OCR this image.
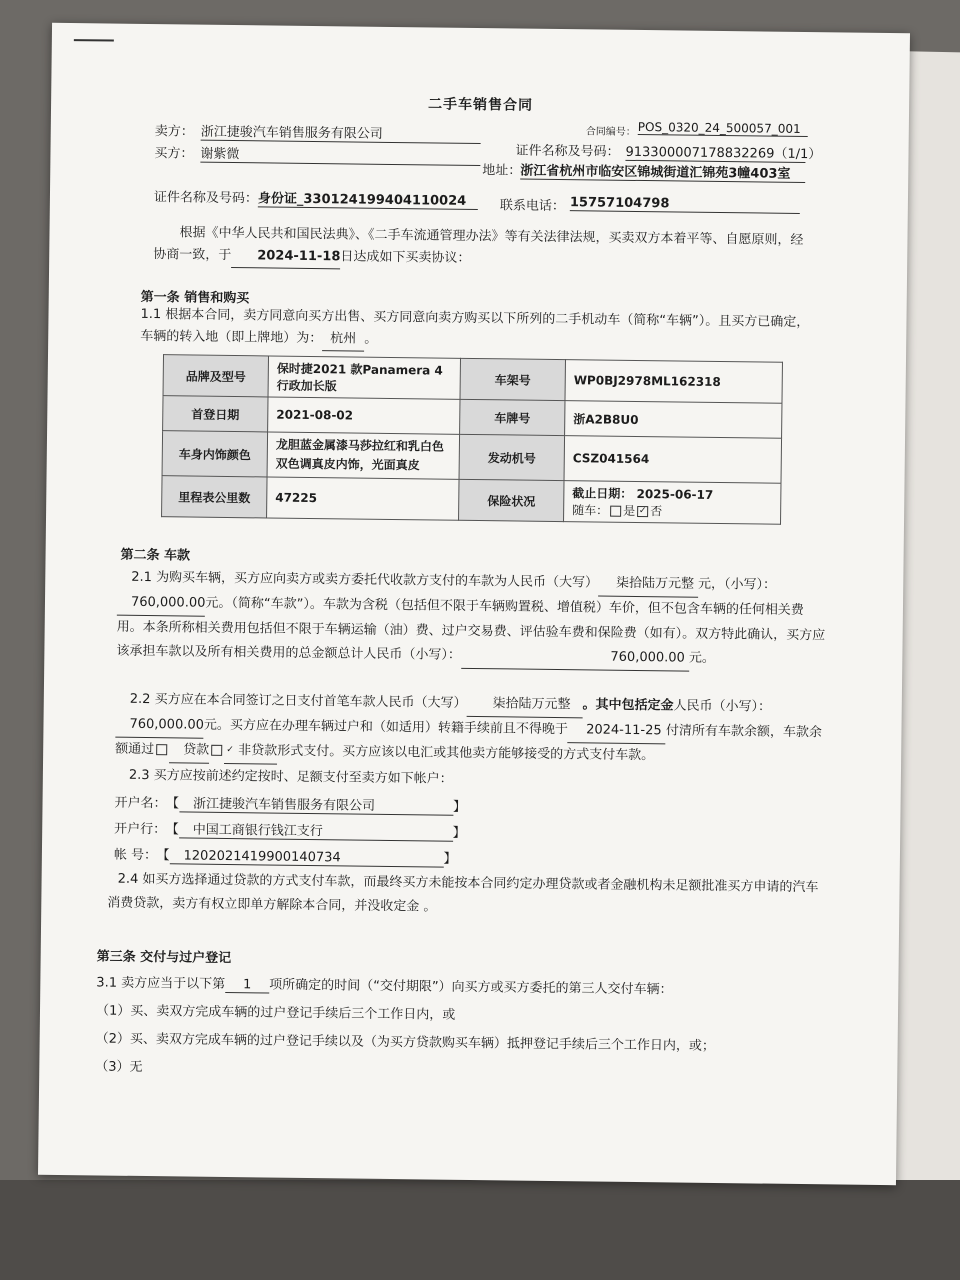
二手车销售合同
合同编号： POS_0320_24_500057_001
卖方： 浙江捷骏汽车销售服务有限公司
证件名称及号码： 913300007178832269（1/1）
买方： 谢紫微
地址：
浙江省杭州市临安区锦城街道汇锦苑3幢403室
证件名称及号码： 身份证_330124199404110024	联系电话： 15757104798
根据《中华人民共和国民法典》、《二手车流通管理办法》等有关法律法规，买卖双方本着平等、自愿原则，经协商一致，于 2024-11-18日达成如下买卖协议：
第一条 销售和购买
1.1 根据本合同，卖方同意向买方出售、买方同意向卖方购买以下所列的二手机动车（简称“车辆”）。且买方已确定，车辆的转入地（即上牌地）为： 杭州 。
品牌及型号	保时捷2021 款Panamera 4 行政加长版	车架号	WP0BJ2978ML162318
首登日期	2021-08-02	车牌号	浙A2B8U0
车身内饰颜色	龙胆蓝金属漆马莎拉红和乳白色双色调真皮内饰，光面真皮	发动机号	CSZ041564
里程表公里数	47225	保险状况	截止日期： 2025-06-17
随车： 是 ✓ 否
第二条 车款
2.1 为购买车辆，买方应向卖方或卖方委托代收款方支付的车款为人民币（大写） 柒拾陆万元整 元，（小写）：760,000.00元。（简称“车款”）。车款为含税（包括但不限于车辆购置税、增值税）车价，但不包含车辆的任何相关费用。本条所称相关费用包括但不限于车辆运输（油）费、过户交易费、评估验车费和保险费（如有）。双方特此确认，买方应该承担车款以及所有相关费用的总金额总计人民币（小写）：	760,000.00 元。
2.2 买方应在本合同签订之日支付首笔车款人民币（大写） 柒拾陆万元整 。其中包括定金人民币（小写）：760,000.00元。买方应在办理车辆过户和（如适用）转籍手续前且不得晚于 2024-11-25 付清所有车款余额，车款余额通过 贷款 ✓ 非贷款形式支付。买方应该以电汇或其他卖方能够接受的方式支付车款。
2.3 买方应按前述约定按时、足额支付至卖方如下帐户：
开户名： 【 浙江捷骏汽车销售服务有限公司	】
开户行： 【 中国工商银行钱江支行	】
帐 号： 【 1202021419900140734	】
2.4 如买方选择通过贷款的方式支付车款，而最终买方未能按本合同约定办理贷款或者金融机构未足额批准买方申请的汽车消费贷款，卖方有权立即单方解除本合同，并没收定金 。
第三条 交付与过户登记
3.1 卖方应当于以下第 1 项所确定的时间（“交付期限”）向买方或买方委托的第三人交付车辆：
（1）买、卖双方完成车辆的过户登记手续后三个工作日内，或
（2）买、卖双方完成车辆的过户登记手续以及（为买方贷款购买车辆）抵押登记手续后三个工作日内，或；
（3）无
